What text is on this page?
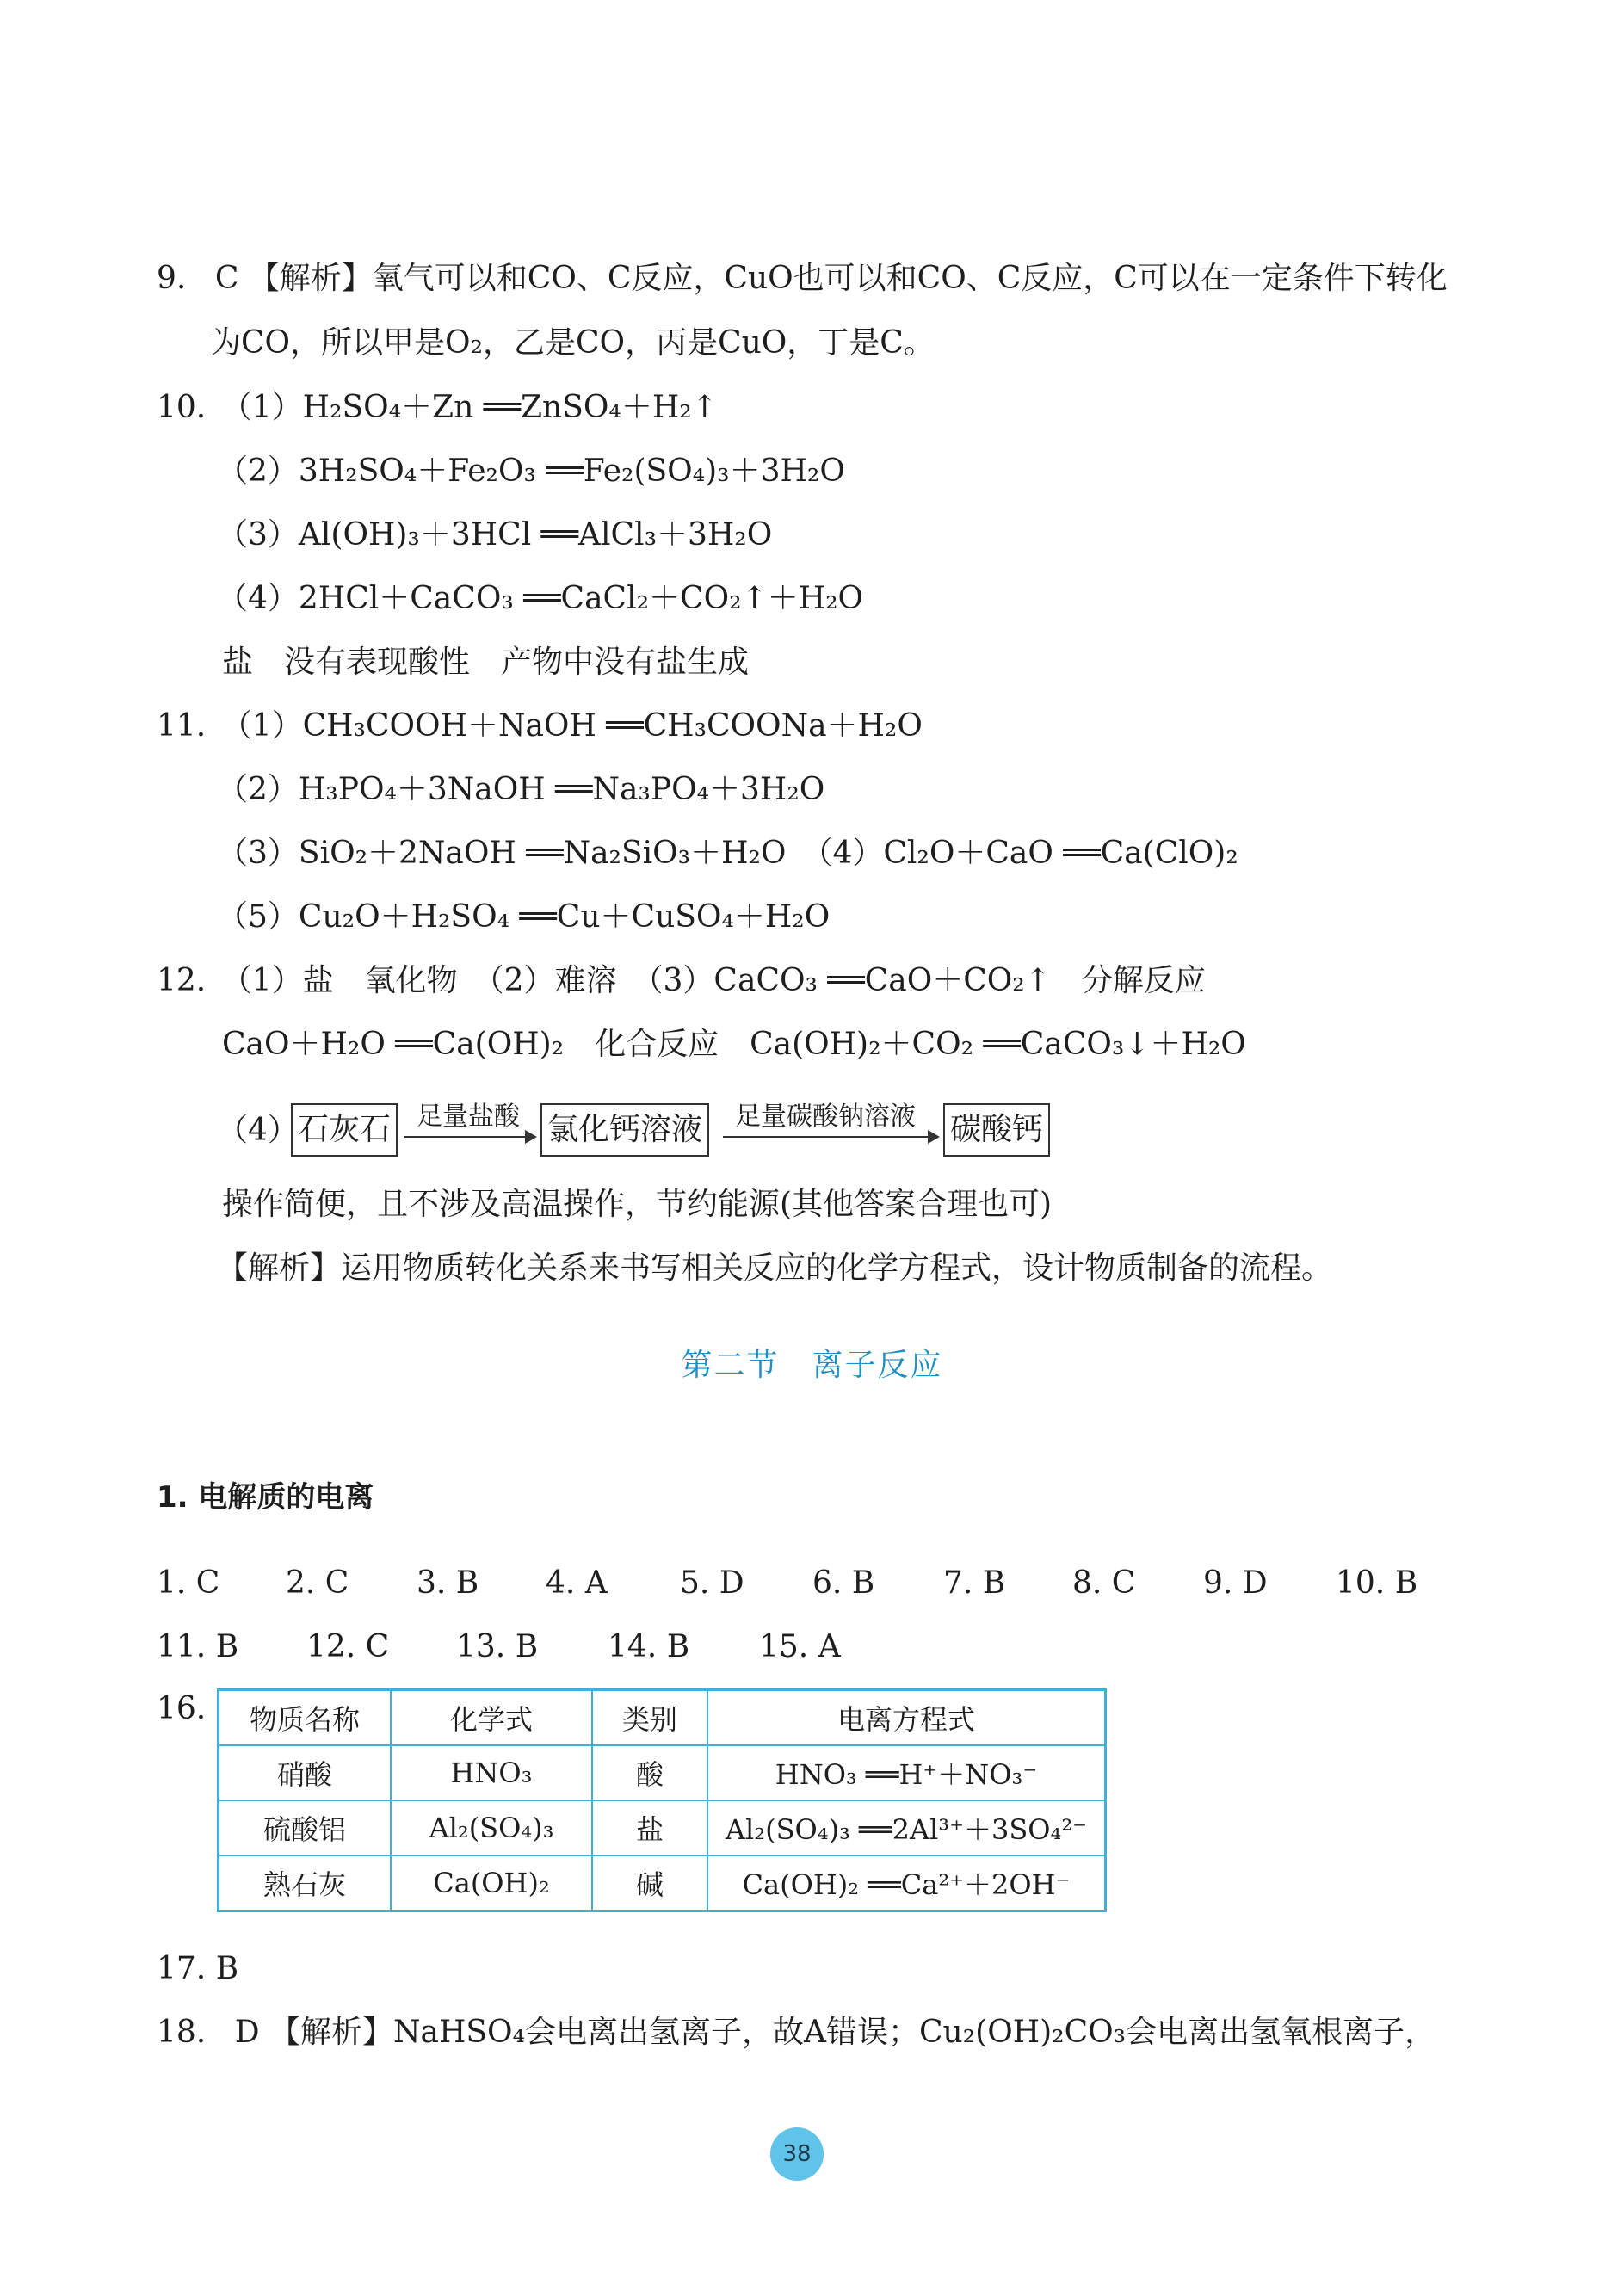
9. C 【解析】氧气可以和CO、C反应，CuO也可以和CO、C反应，C可以在一定条件下转化
为CO，所以甲是O₂，乙是CO，丙是CuO，丁是C。
10. （1）H₂SO₄＋Zn ══ZnSO₄＋H₂↑
（2）3H₂SO₄＋Fe₂O₃ ══Fe₂(SO₄)₃＋3H₂O
（3）Al(OH)₃＋3HCl ══AlCl₃＋3H₂O
（4）2HCl＋CaCO₃ ══CaCl₂＋CO₂↑＋H₂O
盐　没有表现酸性　产物中没有盐生成
11. （1）CH₃COOH＋NaOH ══CH₃COONa＋H₂O
（2）H₃PO₄＋3NaOH ══Na₃PO₄＋3H₂O
（3）SiO₂＋2NaOH ══Na₂SiO₃＋H₂O　（4）Cl₂O＋CaO ══Ca(ClO)₂
（5）Cu₂O＋H₂SO₄ ══Cu＋CuSO₄＋H₂O
12. （1）盐　氧化物　（2）难溶　（3）CaCO₃ ══CaO＋CO₂↑　分解反应
CaO＋H₂O ══Ca(OH)₂　化合反应　Ca(OH)₂＋CO₂ ══CaCO₃↓＋H₂O
（4） 石灰石 足量盐酸 氯化钙溶液 足量碳酸钠溶液 碳酸钙
操作简便，且不涉及高温操作，节约能源(其他答案合理也可)
【解析】运用物质转化关系来书写相关反应的化学方程式，设计物质制备的流程。
第二节　离子反应
1. 电解质的电离
1. C 2. C 3. B 4. A 5. D 6. B 7. B 8. C 9. D 10. B
11. B 12. C 13. B 14. B 15. A
16. 物质名称	化学式	类别	电离方程式
硝酸	HNO₃	酸	HNO₃ ══H⁺＋NO₃⁻
硫酸铝	Al₂(SO₄)₃	盐	Al₂(SO₄)₃ ══2Al³⁺＋3SO₄²⁻
熟石灰	Ca(OH)₂	碱	Ca(OH)₂ ══Ca²⁺＋2OH⁻
17. B
18. D 【解析】NaHSO₄会电离出氢离子，故A错误；Cu₂(OH)₂CO₃会电离出氢氧根离子，
38
